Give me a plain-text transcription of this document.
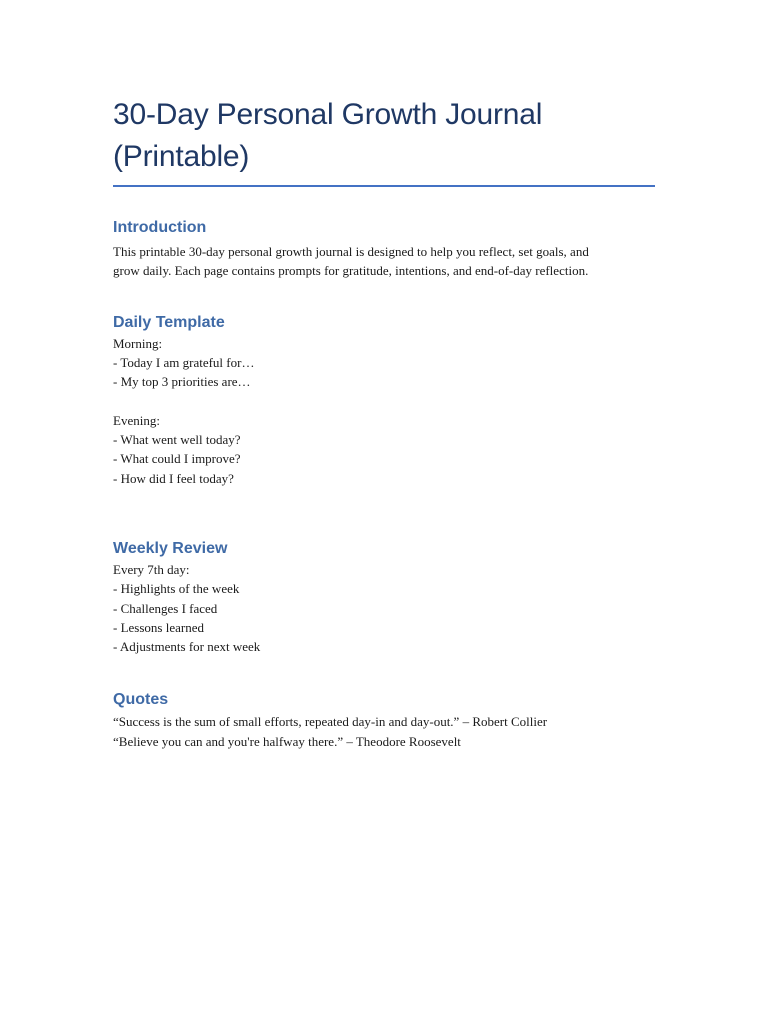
30-Day Personal Growth Journal (Printable)
Introduction
This printable 30-day personal growth journal is designed to help you reflect, set goals, and
grow daily. Each page contains prompts for gratitude, intentions, and end-of-day reflection.
Daily Template
Morning:
- Today I am grateful for…
- My top 3 priorities are…
Evening:
- What went well today?
- What could I improve?
- How did I feel today?
Weekly Review
Every 7th day:
- Highlights of the week
- Challenges I faced
- Lessons learned
- Adjustments for next week
Quotes
“Success is the sum of small efforts, repeated day-in and day-out.” – Robert Collier
“Believe you can and you're halfway there.” – Theodore Roosevelt
